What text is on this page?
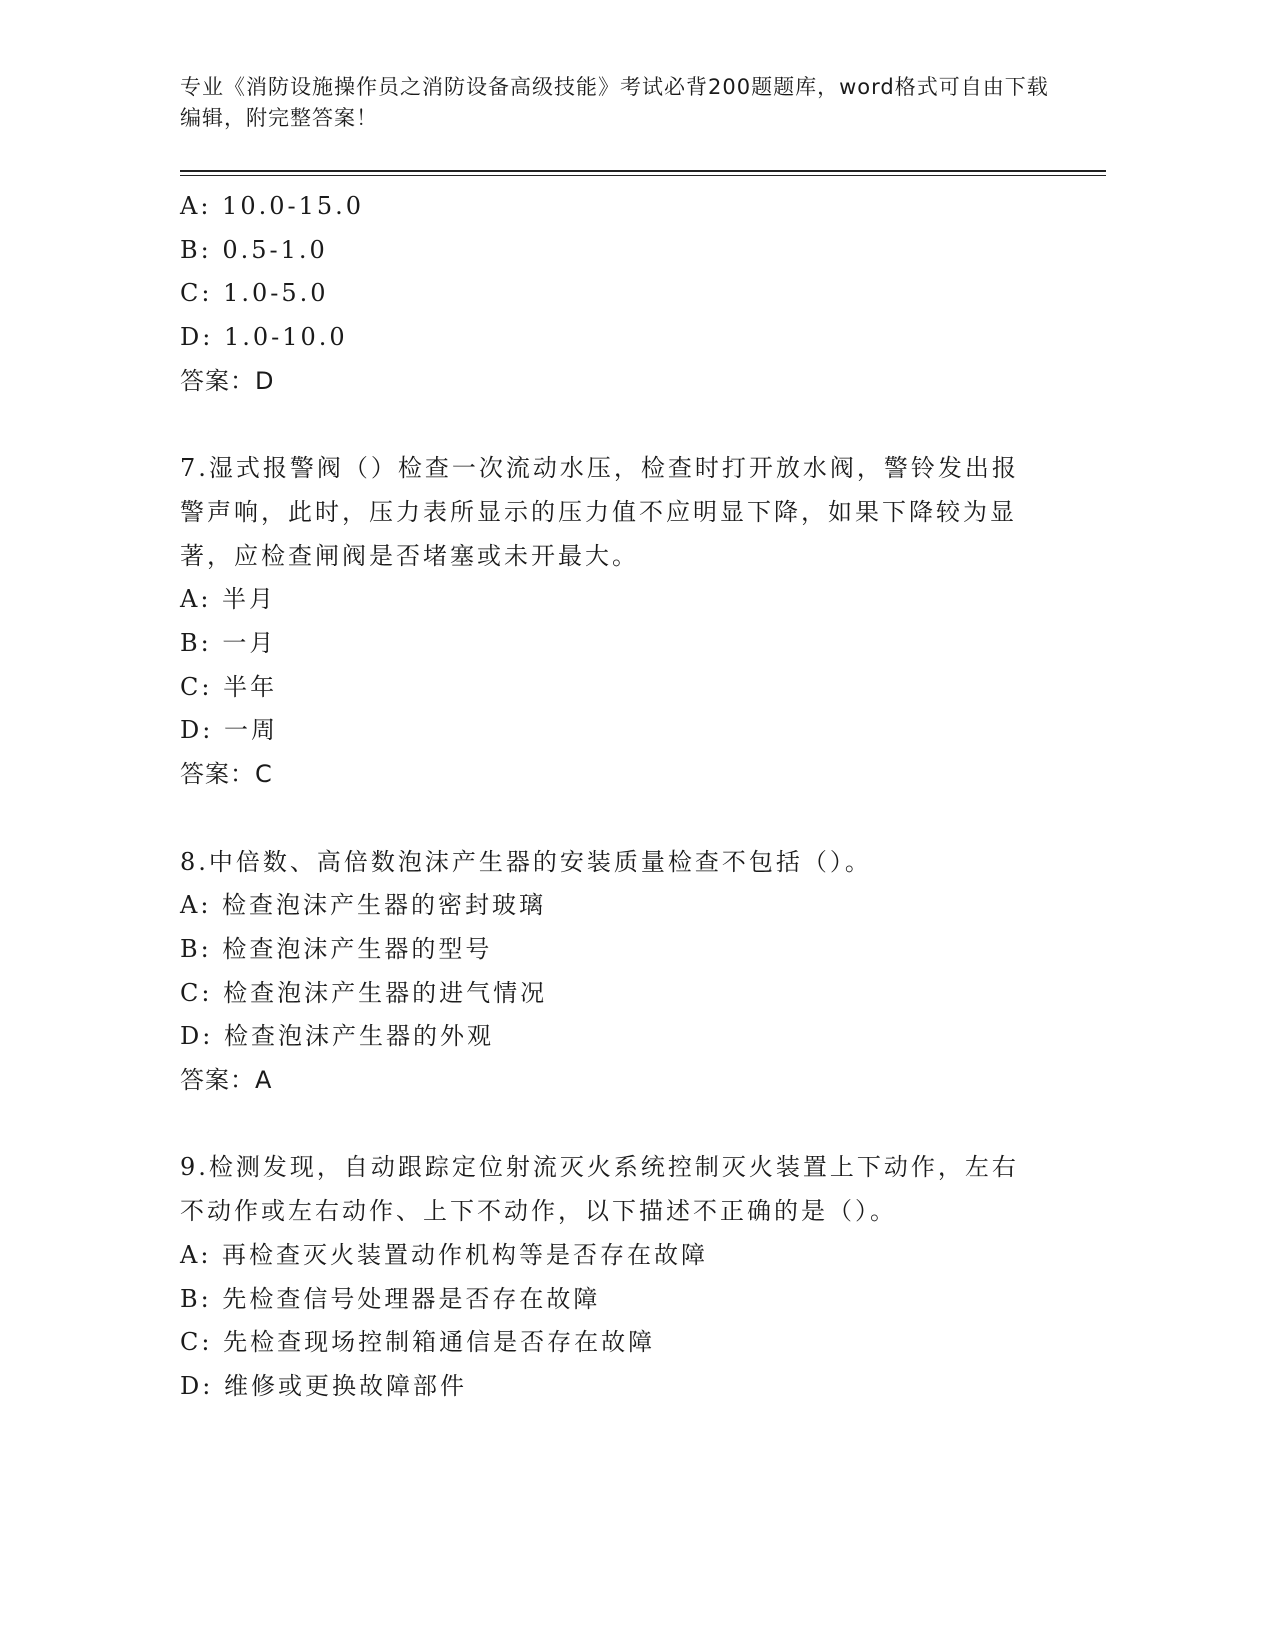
专业《消防设施操作员之消防设备高级技能》考试必背200题题库，word格式可自由下载编辑，附完整答案！
A: 10.0-15.0
B: 0.5-1.0
C: 1.0-5.0
D: 1.0-10.0
答案：D
7.湿式报警阀（）检查一次流动水压，检查时打开放水阀，警铃发出报警声响，此时，压力表所显示的压力值不应明显下降，如果下降较为显著，应检查闸阀是否堵塞或未开最大。
A: 半月
B: 一月
C: 半年
D: 一周
答案：C
8.中倍数、高倍数泡沫产生器的安装质量检查不包括（）。
A: 检查泡沫产生器的密封玻璃
B: 检查泡沫产生器的型号
C: 检查泡沫产生器的进气情况
D: 检查泡沫产生器的外观
答案：A
9.检测发现，自动跟踪定位射流灭火系统控制灭火装置上下动作，左右不动作或左右动作、上下不动作，以下描述不正确的是（）。
A: 再检查灭火装置动作机构等是否存在故障
B: 先检查信号处理器是否存在故障
C: 先检查现场控制箱通信是否存在故障
D: 维修或更换故障部件
